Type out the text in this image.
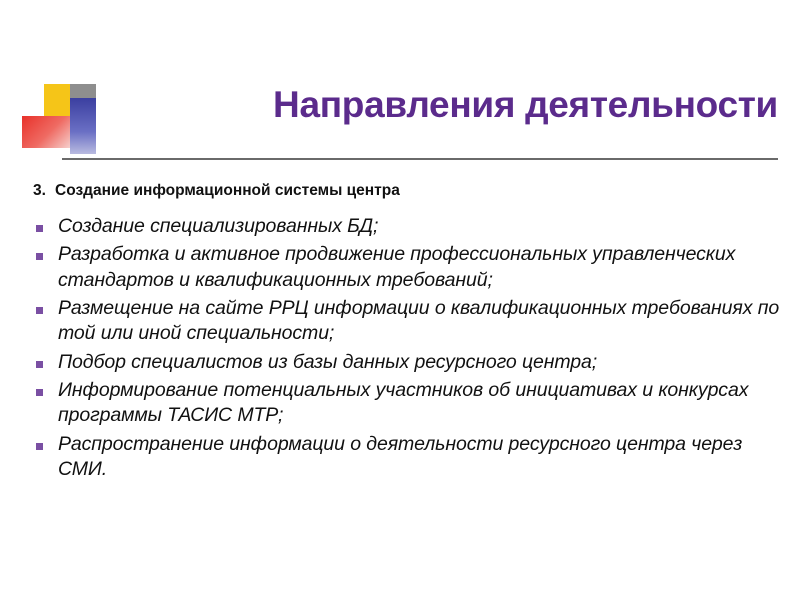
Направления деятельности
3. Создание информационной системы центра
Создание специализированных БД;
Разработка и активное продвижение профессиональных управленческих стандартов и квалификационных требований;
Размещение на сайте РРЦ информации о квалификационных требованиях по той или иной специальности;
Подбор специалистов из базы данных ресурсного центра;
Информирование потенциальных участников об инициативах и конкурсах программы ТАСИС МТР;
Распространение информации о деятельности ресурсного центра через СМИ.
